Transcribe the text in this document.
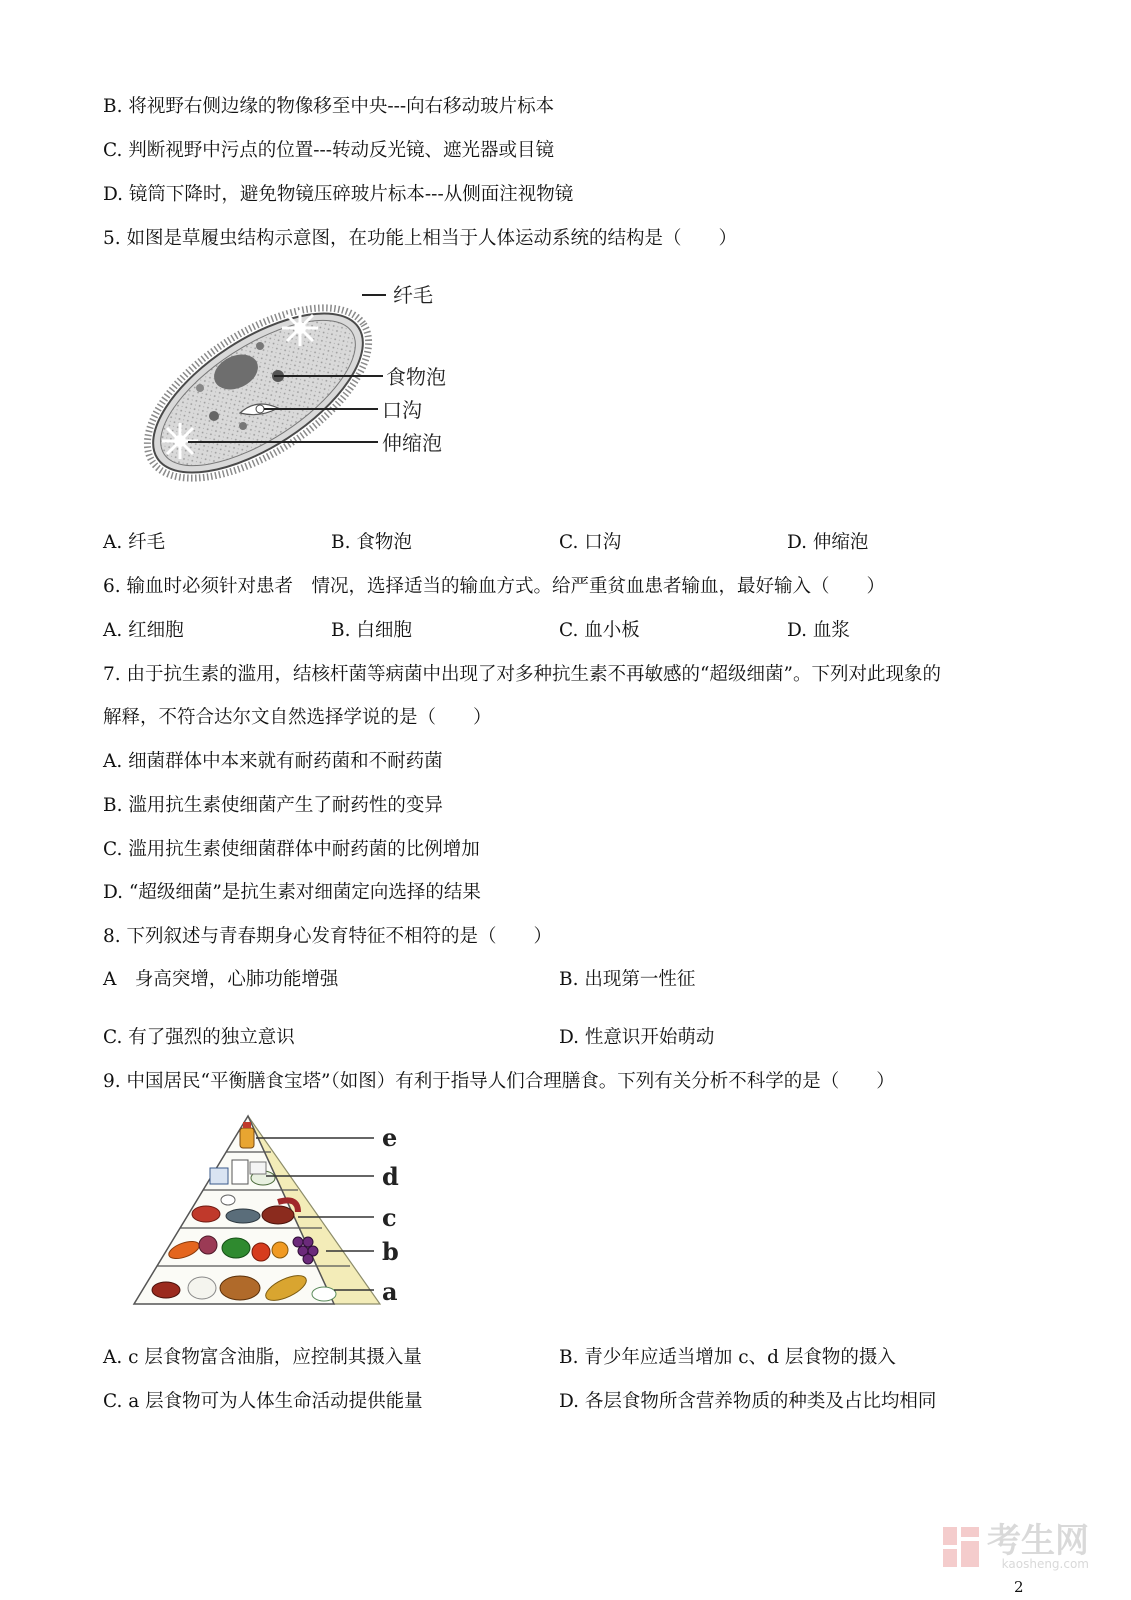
B. 将视野右侧边缘的物像移至中央---向右移动玻片标本
C. 判断视野中污点的位置---转动反光镜、遮光器或目镜
D. 镜筒下降时，避免物镜压碎玻片标本---从侧面注视物镜
5. 如图是草履虫结构示意图，在功能上相当于人体运动系统的结构是（　　）
纤毛
食物泡
口沟
伸缩泡
A. 纤毛	B. 食物泡	C. 口沟	D. 伸缩泡
6. 输血时必须针对患者　情况，选择适当的输血方式。给严重贫血患者输血，最好输入（　　）
A. 红细胞	B. 白细胞	C. 血小板	D. 血浆
7. 由于抗生素的滥用，结核杆菌等病菌中出现了对多种抗生素不再敏感的“超级细菌”。下列对此现象的
解释，不符合达尔文自然选择学说的是（　　）
A. 细菌群体中本来就有耐药菌和不耐药菌
B. 滥用抗生素使细菌产生了耐药性的变异
C. 滥用抗生素使细菌群体中耐药菌的比例增加
D. “超级细菌”是抗生素对细菌定向选择的结果
8. 下列叙述与青春期身心发育特征不相符的是（　　）
A　身高突增，心肺功能增强	B. 出现第一性征
C. 有了强烈的独立意识	D. 性意识开始萌动
9. 中国居民“平衡膳食宝塔”（如图）有利于指导人们合理膳食。下列有关分析不科学的是（　　）
e
d
c
b
a
A. c 层食物富含油脂，应控制其摄入量	B. 青少年应适当增加 c、d 层食物的摄入
C. a 层食物可为人体生命活动提供能量	D. 各层食物所含营养物质的种类及占比均相同
考生网
kaosheng.com
2
